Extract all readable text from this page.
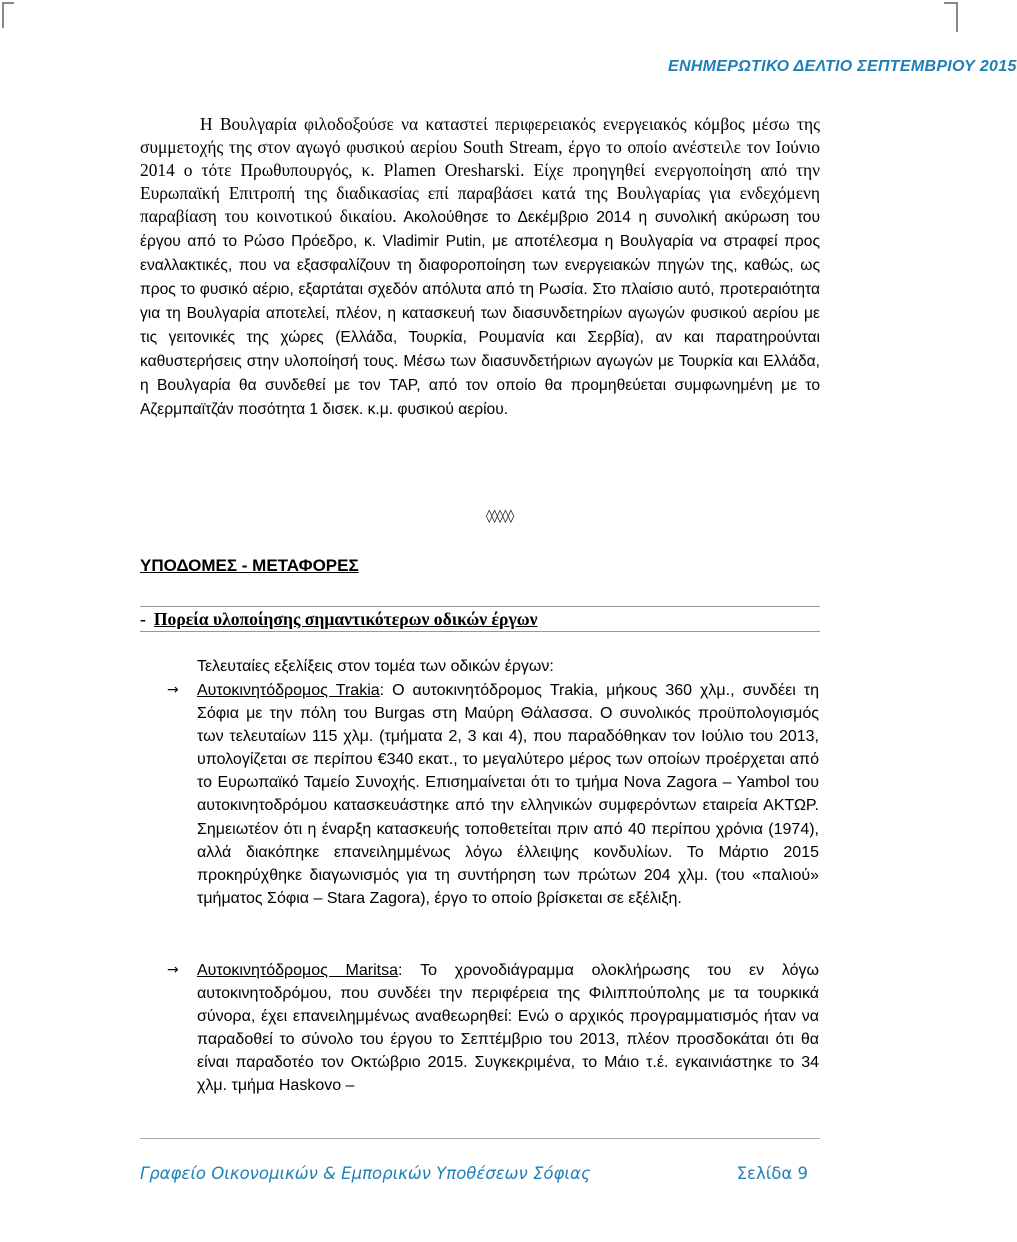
ΕΝΗΜΕΡΩΤΙΚΟ ΔΕΛΤΙΟ ΣΕΠΤΕΜΒΡΙΟΥ 2015
Η Βουλγαρία φιλοδοξούσε να καταστεί περιφερειακός ενεργειακός κόμβος μέσω της συμμετοχής της στον αγωγό φυσικού αερίου South Stream, έργο το οποίο ανέστειλε τον Ιούνιο 2014 ο τότε Πρωθυπουργός, κ. Plamen Oresharski. Είχε προηγηθεί ενεργοποίηση από την Ευρωπαϊκή Επιτροπή της διαδικασίας επί παραβάσει κατά της Βουλγαρίας για ενδεχόμενη παραβίαση του κοινοτικού δικαίου. Ακολούθησε το Δεκέμβριο 2014 η συνολική ακύρωση του έργου από το Ρώσο Πρόεδρο, κ. Vladimir Putin, με αποτέλεσμα η Βουλγαρία να στραφεί προς εναλλακτικές, που να εξασφαλίζουν τη διαφοροποίηση των ενεργειακών πηγών της, καθώς, ως προς το φυσικό αέριο, εξαρτάται σχεδόν απόλυτα από τη Ρωσία. Στο πλαίσιο αυτό, προτεραιότητα για τη Βουλγαρία αποτελεί, πλέον, η κατασκευή των διασυνδετηρίων αγωγών φυσικού αερίου με τις γειτονικές της χώρες (Ελλάδα, Τουρκία, Ρουμανία και Σερβία), αν και παρατηρούνται καθυστερήσεις στην υλοποίησή τους. Μέσω των διασυνδετήριων αγωγών με Τουρκία και Ελλάδα, η Βουλγαρία θα συνδεθεί με τον TAP, από τον οποίο θα προμηθεύεται συμφωνημένη με το Αζερμπαϊτζάν ποσότητα 1 δισεκ. κ.μ. φυσικού αερίου.
◊◊◊◊◊
ΥΠΟΔΟΜΕΣ - ΜΕΤΑΦΟΡΕΣ
- Πορεία υλοποίησης σημαντικότερων οδικών έργων
Τελευταίες εξελίξεις στον τομέα των οδικών έργων:
→ Αυτοκινητόδρομος Trakia: Ο αυτοκινητόδρομος Trakia, μήκους 360 χλμ., συνδέει τη Σόφια με την πόλη του Burgas στη Μαύρη Θάλασσα. Ο συνολικός προϋπολογισμός των τελευταίων 115 χλμ. (τμήματα 2, 3 και 4), που παραδόθηκαν τον Ιούλιο του 2013, υπολογίζεται σε περίπου €340 εκατ., το μεγαλύτερο μέρος των οποίων προέρχεται από το Ευρωπαϊκό Ταμείο Συνοχής. Επισημαίνεται ότι το τμήμα Nova Zagora – Yambol του αυτοκινητοδρόμου κατασκευάστηκε από την ελληνικών συμφερόντων εταιρεία ΑΚΤΩΡ. Σημειωτέον ότι η έναρξη κατασκευής τοποθετείται πριν από 40 περίπου χρόνια (1974), αλλά διακόπηκε επανειλημμένως λόγω έλλειψης κονδυλίων. Το Μάρτιο 2015 προκηρύχθηκε διαγωνισμός για τη συντήρηση των πρώτων 204 χλμ. (του «παλιού» τμήματος Σόφια – Stara Zagora), έργο το οποίο βρίσκεται σε εξέλιξη.
→ Αυτοκινητόδρομος Maritsa: Το χρονοδιάγραμμα ολοκλήρωσης του εν λόγω αυτοκινητοδρόμου, που συνδέει την περιφέρεια της Φιλιππούπολης με τα τουρκικά σύνορα, έχει επανειλημμένως αναθεωρηθεί: Ενώ ο αρχικός προγραμματισμός ήταν να παραδοθεί το σύνολο του έργου το Σεπτέμβριο του 2013, πλέον προσδοκάται ότι θα είναι παραδοτέο τον Οκτώβριο 2015. Συγκεκριμένα, το Μάιο τ.έ. εγκαινιάστηκε το 34 χλμ. τμήμα Haskovo –
Γραφείο Οικονομικών & Εμπορικών Υποθέσεων Σόφιας	Σελίδα 9
